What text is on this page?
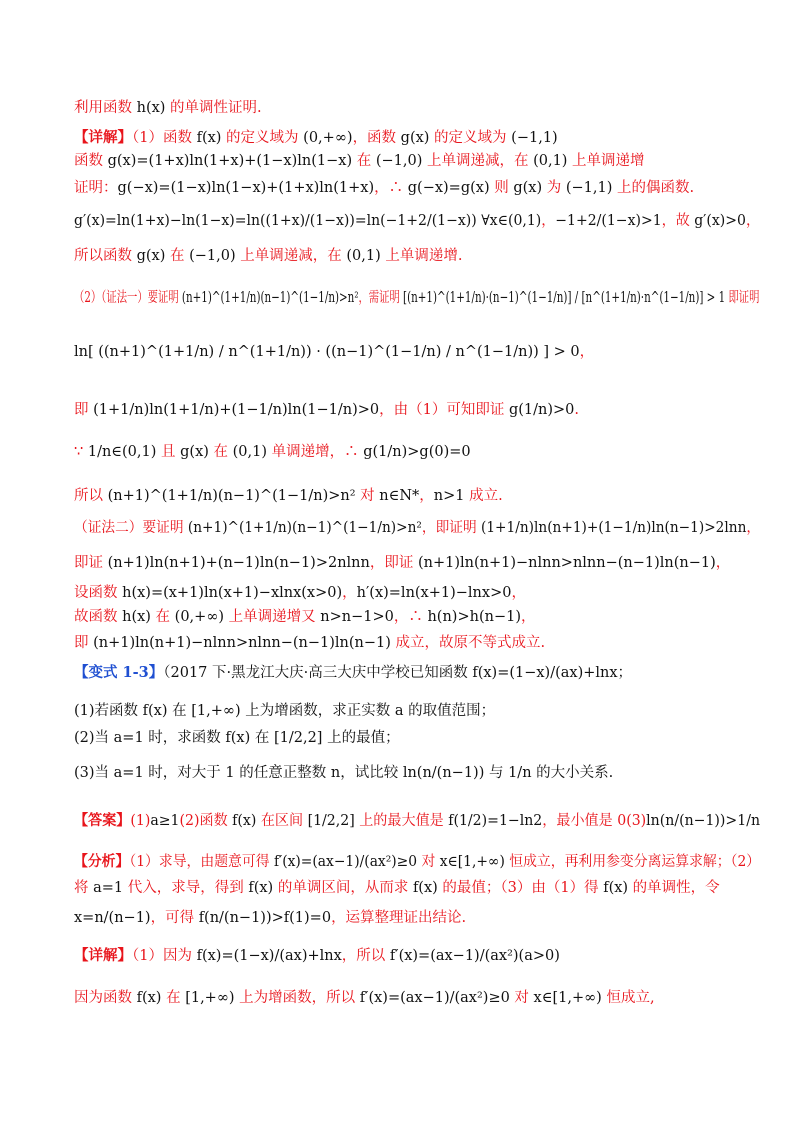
利用函数 h(x) 的单调性证明.
【详解】（1）函数 f(x) 的定义域为 (0,+∞)，函数 g(x) 的定义域为 (−1,1)
函数 g(x)=(1+x)ln(1+x)+(1−x)ln(1−x) 在 (−1,0) 上单调递减，在 (0,1) 上单调递增
证明：g(−x)=(1−x)ln(1−x)+(1+x)ln(1+x)，∴ g(−x)=g(x) 则 g(x) 为 (−1,1) 上的偶函数.
g′(x)=ln(1+x)−ln(1−x)=ln((1+x)/(1−x))=ln(−1+2/(1−x)) ∀x∈(0,1)，−1+2/(1−x)>1，故 g′(x)>0，
所以函数 g(x) 在 (−1,0) 上单调递减，在 (0,1) 上单调递增.
（2）（证法一）要证明 (n+1)^(1+1/n)(n−1)^(1−1/n)>n²，需证明 [(n+1)^(1+1/n)·(n−1)^(1−1/n)] / [n^(1+1/n)·n^(1−1/n)] > 1 即证明
ln[ ((n+1)^(1+1/n) / n^(1+1/n)) · ((n−1)^(1−1/n) / n^(1−1/n)) ] > 0，
即 (1+1/n)ln(1+1/n)+(1−1/n)ln(1−1/n)>0，由（1）可知即证 g(1/n)>0.
∵ 1/n∈(0,1) 且 g(x) 在 (0,1) 单调递增，∴ g(1/n)>g(0)=0
所以 (n+1)^(1+1/n)(n−1)^(1−1/n)>n² 对 n∈N*，n>1 成立.
（证法二）要证明 (n+1)^(1+1/n)(n−1)^(1−1/n)>n²，即证明 (1+1/n)ln(n+1)+(1−1/n)ln(n−1)>2lnn，
即证 (n+1)ln(n+1)+(n−1)ln(n−1)>2nlnn，即证 (n+1)ln(n+1)−nlnn>nlnn−(n−1)ln(n−1)，
设函数 h(x)=(x+1)ln(x+1)−xlnx(x>0)，h′(x)=ln(x+1)−lnx>0，
故函数 h(x) 在 (0,+∞) 上单调递增又 n>n−1>0，∴ h(n)>h(n−1)，
即 (n+1)ln(n+1)−nlnn>nlnn−(n−1)ln(n−1) 成立，故原不等式成立.
【变式 1-3】（2017 下·黑龙江大庆·高三大庆中学校已知函数 f(x)=(1−x)/(ax)+lnx；
(1)若函数 f(x) 在 [1,+∞) 上为增函数，求正实数 a 的取值范围；
(2)当 a=1 时，求函数 f(x) 在 [1/2,2] 上的最值；
(3)当 a=1 时，对大于 1 的任意正整数 n，试比较 ln(n/(n−1)) 与 1/n 的大小关系.
【答案】(1)a≥1(2)函数 f(x) 在区间 [1/2,2] 上的最大值是 f(1/2)=1−ln2，最小值是 0(3)ln(n/(n−1))>1/n
【分析】（1）求导，由题意可得 f′(x)=(ax−1)/(ax²)≥0 对 x∈[1,+∞) 恒成立，再利用参变分离运算求解；（2）
将 a=1 代入，求导，得到 f(x) 的单调区间，从而求 f(x) 的最值；（3）由（1）得 f(x) 的单调性，令
x=n/(n−1)，可得 f(n/(n−1))>f(1)=0，运算整理证出结论.
【详解】（1）因为 f(x)=(1−x)/(ax)+lnx，所以 f′(x)=(ax−1)/(ax²)(a>0)
因为函数 f(x) 在 [1,+∞) 上为增函数，所以 f′(x)=(ax−1)/(ax²)≥0 对 x∈[1,+∞) 恒成立,
